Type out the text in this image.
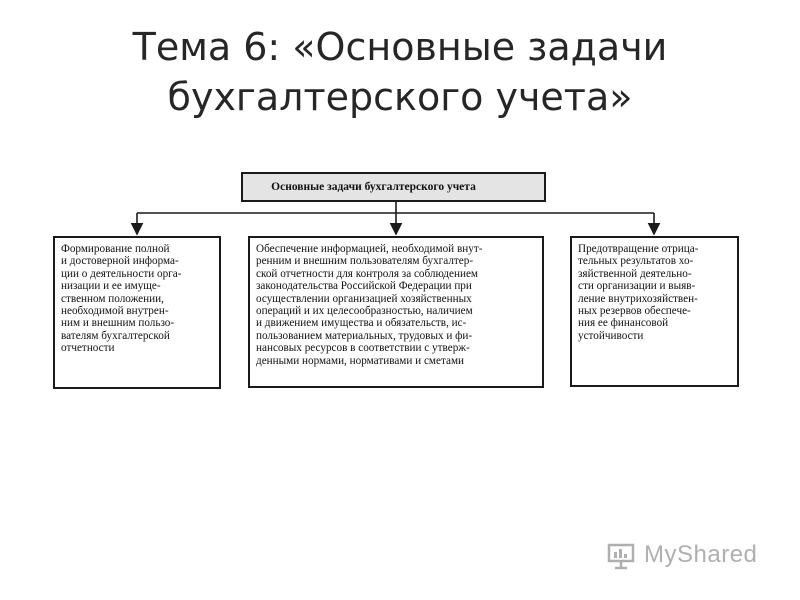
Тема 6: «Основные задачи
бухгалтерского учета»
Основные задачи бухгалтерского учета
Формирование полной
и достоверной информа-
ции о деятельности орга-
низации и ее имуще-
ственном положении,
необходимой внутрен-
ним и внешним пользо-
вателям бухгалтерской
отчетности
Обеспечение информацией, необходимой внут-
ренним и внешним пользователям бухгалтер-
ской отчетности для контроля за соблюдением
законодательства Российской Федерации при
осуществлении организацией хозяйственных
операций и их целесообразностью, наличием
и движением имущества и обязательств, ис-
пользованием материальных, трудовых и фи-
нансовых ресурсов в соответствии с утверж-
денными нормами, нормативами и сметами
Предотвращение отрица-
тельных результатов хо-
зяйственной деятельно-
сти организации и выяв-
ление внутрихозяйствен-
ных резервов обеспече-
ния ее финансовой
устойчивости
MyShared
